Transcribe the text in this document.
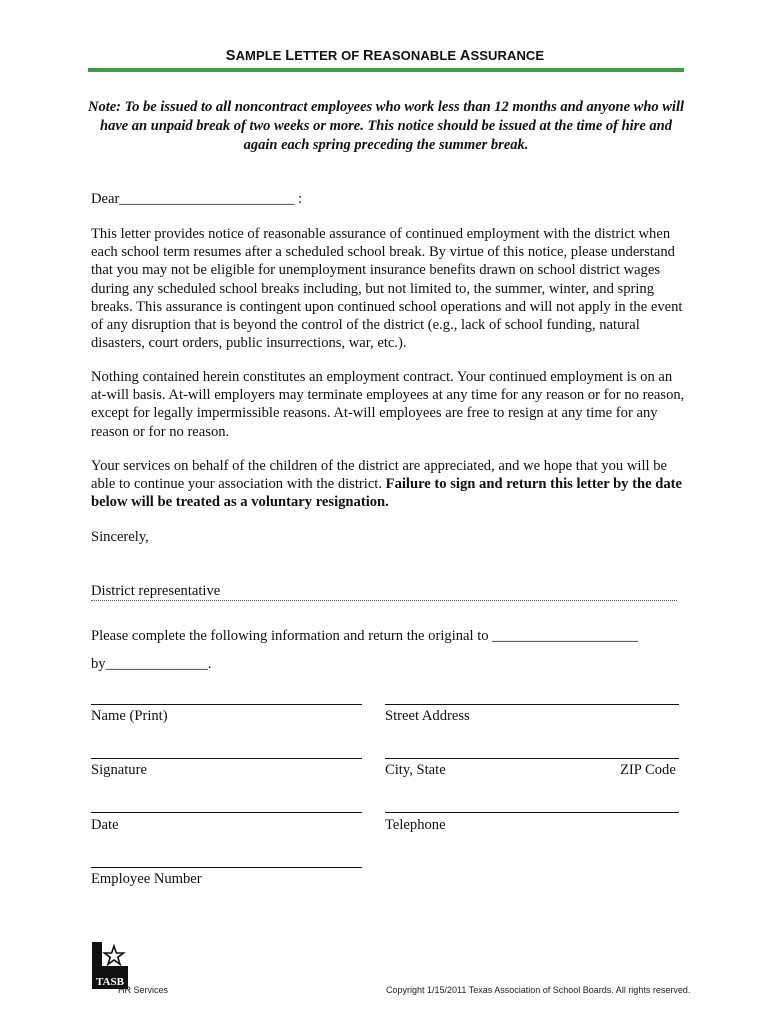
SAMPLE LETTER OF REASONABLE ASSURANCE
Note: To be issued to all noncontract employees who work less than 12 months and anyone who will have an unpaid break of two weeks or more. This notice should be issued at the time of hire and again each spring preceding the summer break.
Dear________________________ :
This letter provides notice of reasonable assurance of continued employment with the district when each school term resumes after a scheduled school break. By virtue of this notice, please understand that you may not be eligible for unemployment insurance benefits drawn on school district wages during any scheduled school breaks including, but not limited to, the summer, winter, and spring breaks. This assurance is contingent upon continued school operations and will not apply in the event of any disruption that is beyond the control of the district (e.g., lack of school funding, natural disasters, court orders, public insurrections, war, etc.).
Nothing contained herein constitutes an employment contract. Your continued employment is on an at-will basis. At-will employers may terminate employees at any time for any reason or for no reason, except for legally impermissible reasons. At-will employees are free to resign at any time for any reason or for no reason.
Your services on behalf of the children of the district are appreciated, and we hope that you will be able to continue your association with the district. Failure to sign and return this letter by the date below will be treated as a voluntary resignation.
Sincerely,
District representative
Please complete the following information and return the original to ____________________
by______________.
Name (Print)	Street Address
Signature	City, State	ZIP Code
Date	Telephone
Employee Number
TASB
HR Services	Copyright 1/15/2011 Texas Association of School Boards. All rights reserved.
